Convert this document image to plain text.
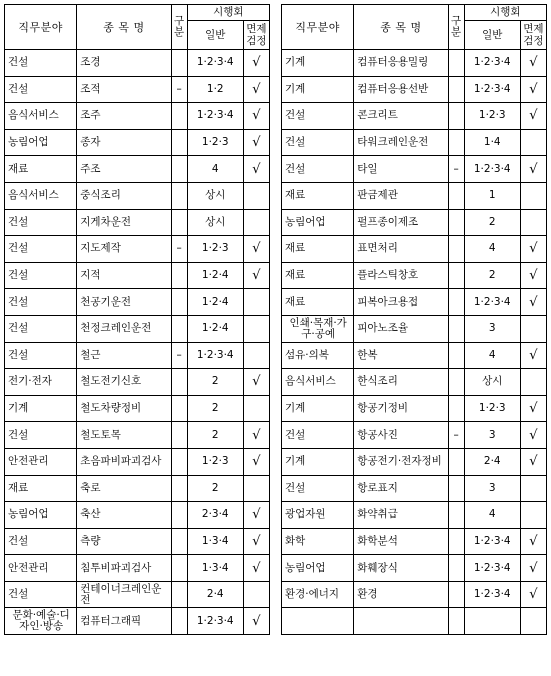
직무분야	종 목 명	구분	시행회	
			일반	면제검정

건설	조경		1·2·3·4	√

건설	조적	–	1·2	√

음식서비스	조주		1·2·3·4	√

농림어업	종자		1·2·3	√

재료	주조		4	√

음식서비스	중식조리		상시	

건설	지게차운전		상시	

건설	지도제작	–	1·2·3	√

건설	지적		1·2·4	√

건설	천공기운전		1·2·4	

건설	천정크레인운전		1·2·4	

건설	철근	–	1·2·3·4	

전기·전자	철도전기신호		2	√

기계	철도차량정비		2	

건설	철도토목		2	√

안전관리	초음파비파괴검사		1·2·3	√

재료	축로		2	

농림어업	축산		2·3·4	√

건설	측량		1·3·4	√

안전관리	침투비파괴검사		1·3·4	√

건설	컨테이너크레인운전		2·4	

문화·예술·디자인·방송	컴퓨터그래픽		1·2·3·4	√
직무분야	종 목 명	구분	시행회	
			일반	면제검정

기계	컴퓨터응용밀링		1·2·3·4	√

기계	컴퓨터응용선반		1·2·3·4	√

건설	콘크리트		1·2·3	√

건설	타워크레인운전		1·4	

건설	타일	–	1·2·3·4	√

재료	판금제관		1	

농림어업	펄프종이제조		2	

재료	표면처리		4	√

재료	플라스틱창호		2	√

재료	피복아크용접		1·2·3·4	√

인쇄·목재·가구·공예	피아노조율		3	

섬유·의복	한복		4	√

음식서비스	한식조리		상시	

기계	항공기정비		1·2·3	√

건설	항공사진	–	3	√

기계	항공전기·전자정비		2·4	√

건설	항로표지		3	

광업자원	화약취급		4	

화학	화학분석		1·2·3·4	√

농림어업	화훼장식		1·2·3·4	√

환경·에너지	환경		1·2·3·4	√
